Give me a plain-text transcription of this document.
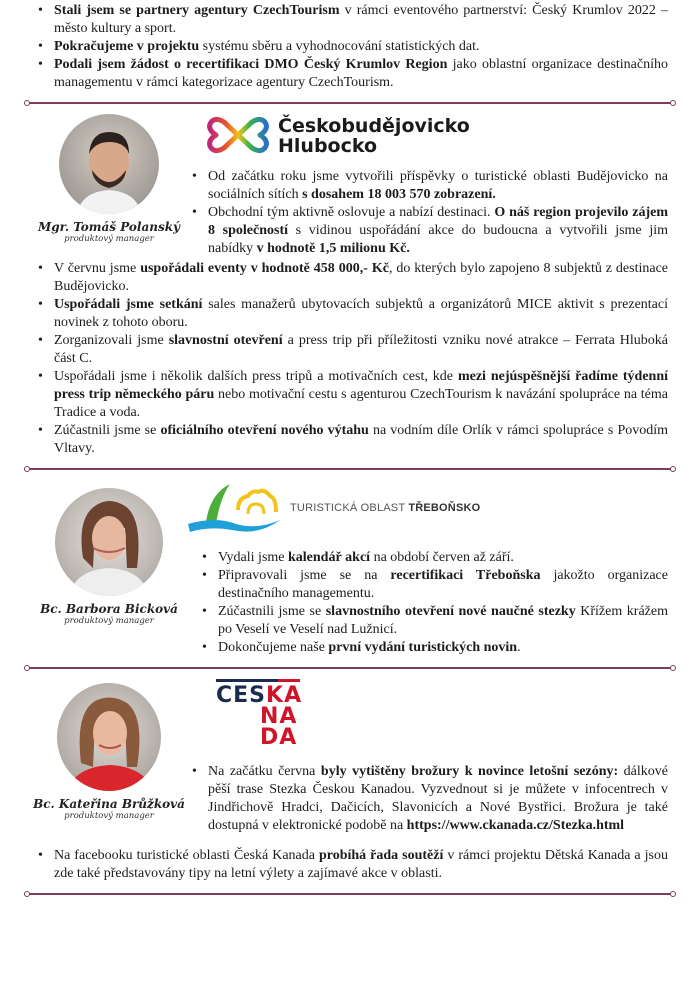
• Stali jsem se partnery agentury CzechTourism v rámci eventového partnerství: Český Krumlov 2022 – město kultury a sport.
• Pokračujeme v projektu systému sběru a vyhodnocování statistických dat.
• Podali jsem žádost o recertifikaci DMO Český Krumlov Region jako oblastní organizace destinačního managementu v rámci kategorizace agentury CzechTourism.
Mgr. Tomáš Polanský
produktový manager
Českobudějovicko
Hlubocko
• Od začátku roku jsme vytvořili příspěvky o turistické oblasti Budějovicko na sociálních sítích s dosahem 18 003 570 zobrazení.
• Obchodní tým aktivně oslovuje a nabízí destinaci. O náš region projevilo zájem 8 společností s vidinou uspořádání akce do budoucna a vytvořili jsme jim nabídky v hodnotě 1,5 milionu Kč.
• V červnu jsme uspořádali eventy v hodnotě 458 000,- Kč, do kterých bylo zapojeno 8 subjektů z destinace Budějovicko.
• Uspořádali jsme setkání sales manažerů ubytovacích subjektů a organizátorů MICE aktivit s prezentací novinek z tohoto oboru.
• Zorganizovali jsme slavnostní otevření a press trip při příležitosti vzniku nové atrakce – Ferrata Hluboká část C.
• Uspořádali jsme i několik dalších press tripů a motivačních cest, kde mezi nejúspěšnější řadíme týdenní press trip německého páru nebo motivační cestu s agenturou CzechTourism k navázání spolupráce na téma Tradice a voda.
• Zúčastnili jsme se oficiálního otevření nového výtahu na vodním díle Orlík v rámci spolupráce s Povodím Vltavy.
Bc. Barbora Bicková
produktový manager
TURISTICKÁ OBLAST TŘEBOŇSKO
• Vydali jsme kalendář akcí na období červen až září.
• Připravovali jsme se na recertifikaci Třeboňska jakožto organizace destinačního managementu.
• Zúčastnili jsme se slavnostního otevření nové naučné stezky Křížem krážem po Veselí ve Veselí nad Lužnicí.
• Dokončujeme naše první vydání turistických novin.
Bc. Kateřina Brůžková
produktový manager
CESKA
NA
DA
• Na začátku června byly vytištěny brožury k novince letošní sezóny: dálkové pěší trase Stezka Českou Kanadou. Vyzvednout si je můžete v infocentrech v Jindřichově Hradci, Dačicích, Slavonicích a Nové Bystřici. Brožura je také dostupná v elektronické podobě na https://www.ckanada.cz/Stezka.html
• Na facebooku turistické oblasti Česká Kanada probíhá řada soutěží v rámci projektu Dětská Kanada a jsou zde také představovány tipy na letní výlety a zajímavé akce v oblasti.
